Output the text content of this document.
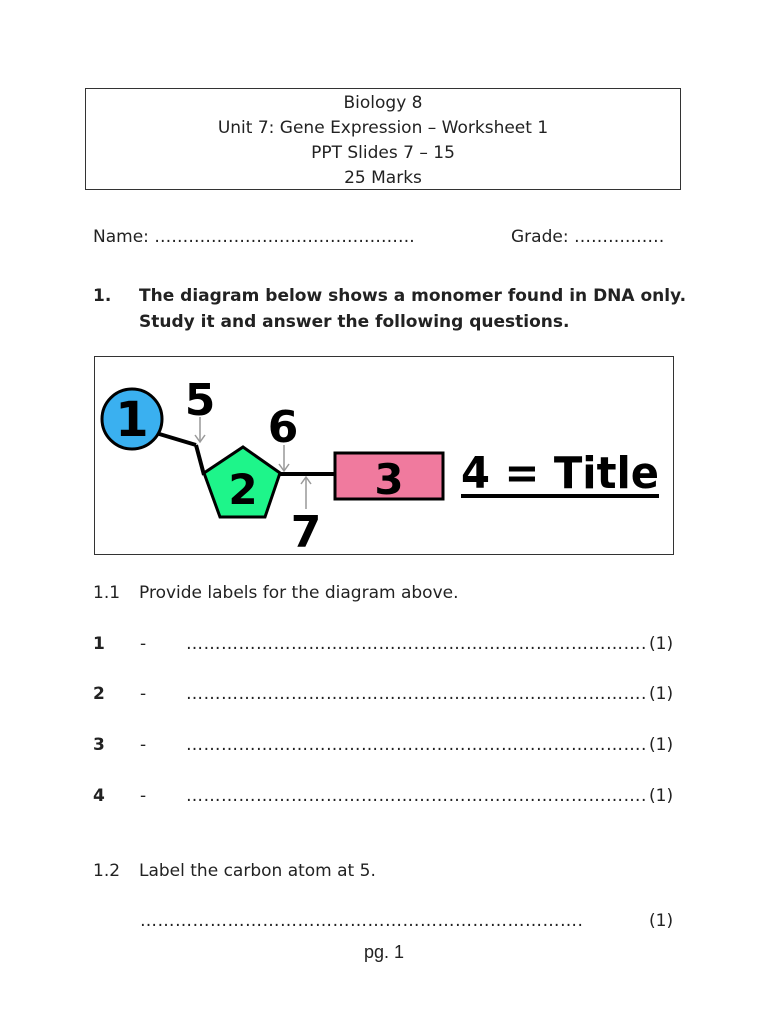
Biology 8
Unit 7: Gene Expression – Worksheet 1
PPT Slides 7 – 15
25 Marks
Name: ……………………………………….	Grade: ……….……
1. The diagram below shows a monomer found in DNA only.
Study it and answer the following questions.
1
2	3
5
6
7
4 = Title
1.1 Provide labels for the diagram above.
1 - ……………………………………………………………………. (1)
2 - ……………………………………………………………………. (1)
3 - ……………………………………………………………………. (1)
4 - ……………………………………………………………………. (1)
1.2 Label the carbon atom at 5.
………………………………………………………………….	(1)
pg. 1
